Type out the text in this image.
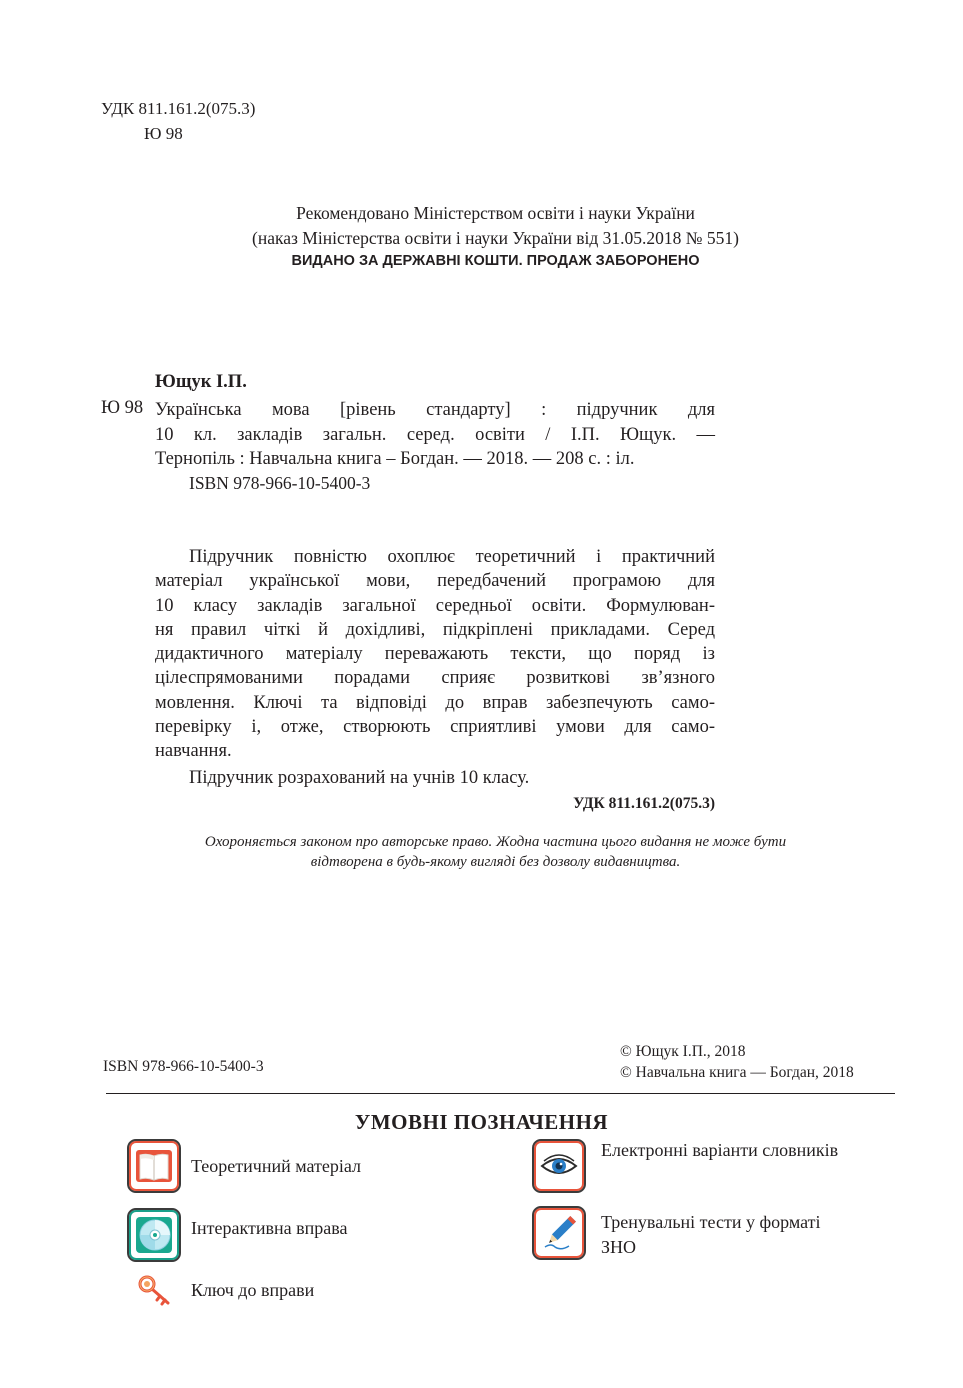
УДК 811.161.2(075.3)
Ю 98
Рекомендовано Міністерством освіти і науки України
(наказ Міністерства освіти і науки України від 31.05.2018 № 551)
ВИДАНО ЗА ДЕРЖАВНІ КОШТИ. ПРОДАЖ ЗАБОРОНЕНО
Ющук І.П.
Ю 98 Українська мова [рівень стандарту] : підручник для
10 кл. закладів загальн. серед. освіти / І.П. Ющук. —
Тернопіль : Навчальна книга – Богдан. — 2018. — 208 с. : іл.
ISBN 978-966-10-5400-3
Підручник повністю охоплює теоретичний і практичний
матеріал української мови, передбачений програмою для
10 класу закладів загальної середньої освіти. Формулюван-
ня правил чіткі й дохідливі, підкріплені прикладами. Серед
дидактичного матеріалу переважають тексти, що поряд із
цілеспрямованими порадами сприяє розвиткові зв’язного
мовлення. Ключі та відповіді до вправ забезпечують само-
перевірку і, отже, створюють сприятливі умови для само-
навчання.
Підручник розрахований на учнів 10 класу.
УДК 811.161.2(075.3)
Охороняється законом про авторське право. Жодна частина цього видання не може бути
відтворена в будь-якому вигляді без дозволу видавництва.
ISBN 978-966-10-5400-3
© Ющук І.П., 2018
© Навчальна книга — Богдан, 2018
УМОВНІ ПОЗНАЧЕННЯ
Теоретичний матеріал
Інтерактивна вправа
Ключ до вправи
Електронні варіанти словників
Тренувальні тести у форматі
ЗНО
